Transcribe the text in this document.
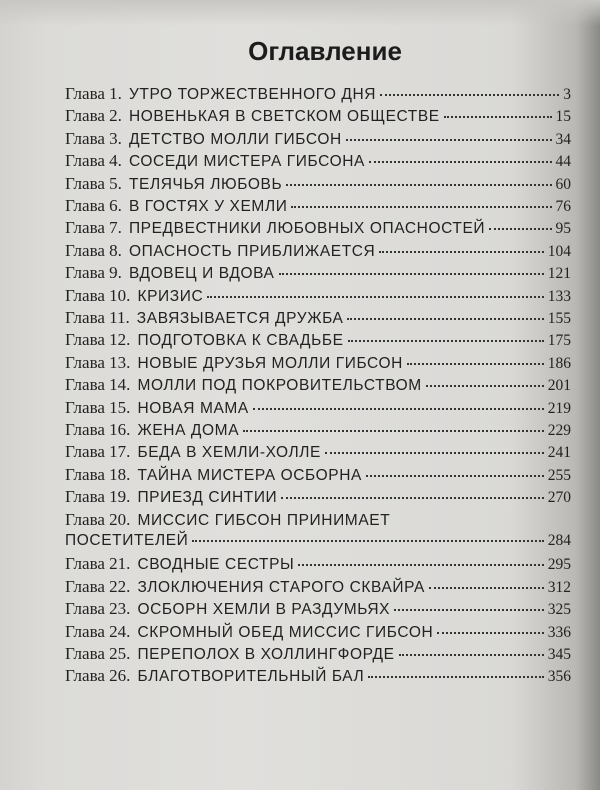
Оглавление
Глава 1. УТРО ТОРЖЕСТВЕННОГО ДНЯ	3
Глава 2. НОВЕНЬКАЯ В СВЕТСКОМ ОБЩЕСТВЕ	15
Глава 3. ДЕТСТВО МОЛЛИ ГИБСОН	34
Глава 4. СОСЕДИ МИСТЕРА ГИБСОНА	44
Глава 5. ТЕЛЯЧЬЯ ЛЮБОВЬ	60
Глава 6. В ГОСТЯХ У ХЕМЛИ	76
Глава 7. ПРЕДВЕСТНИКИ ЛЮБОВНЫХ ОПАСНОСТЕЙ	95
Глава 8. ОПАСНОСТЬ ПРИБЛИЖАЕТСЯ	104
Глава 9. ВДОВЕЦ И ВДОВА	121
Глава 10. КРИЗИС	133
Глава 11. ЗАВЯЗЫВАЕТСЯ ДРУЖБА	155
Глава 12. ПОДГОТОВКА К СВАДЬБЕ	175
Глава 13. НОВЫЕ ДРУЗЬЯ МОЛЛИ ГИБСОН	186
Глава 14. МОЛЛИ ПОД ПОКРОВИТЕЛЬСТВОМ	201
Глава 15. НОВАЯ МАМА	219
Глава 16. ЖЕНА ДОМА	229
Глава 17. БЕДА В ХЕМЛИ-ХОЛЛЕ	241
Глава 18. ТАЙНА МИСТЕРА ОСБОРНА	255
Глава 19. ПРИЕЗД СИНТИИ	270
Глава 20. МИССИС ГИБСОН ПРИНИМАЕТ
ПОСЕТИТЕЛЕЙ	284
Глава 21. СВОДНЫЕ СЕСТРЫ	295
Глава 22. ЗЛОКЛЮЧЕНИЯ СТАРОГО СКВАЙРА	312
Глава 23. ОСБОРН ХЕМЛИ В РАЗДУМЬЯХ	325
Глава 24. СКРОМНЫЙ ОБЕД МИССИС ГИБСОН	336
Глава 25. ПЕРЕПОЛОХ В ХОЛЛИНГФОРДЕ	345
Глава 26. БЛАГОТВОРИТЕЛЬНЫЙ БАЛ	356
